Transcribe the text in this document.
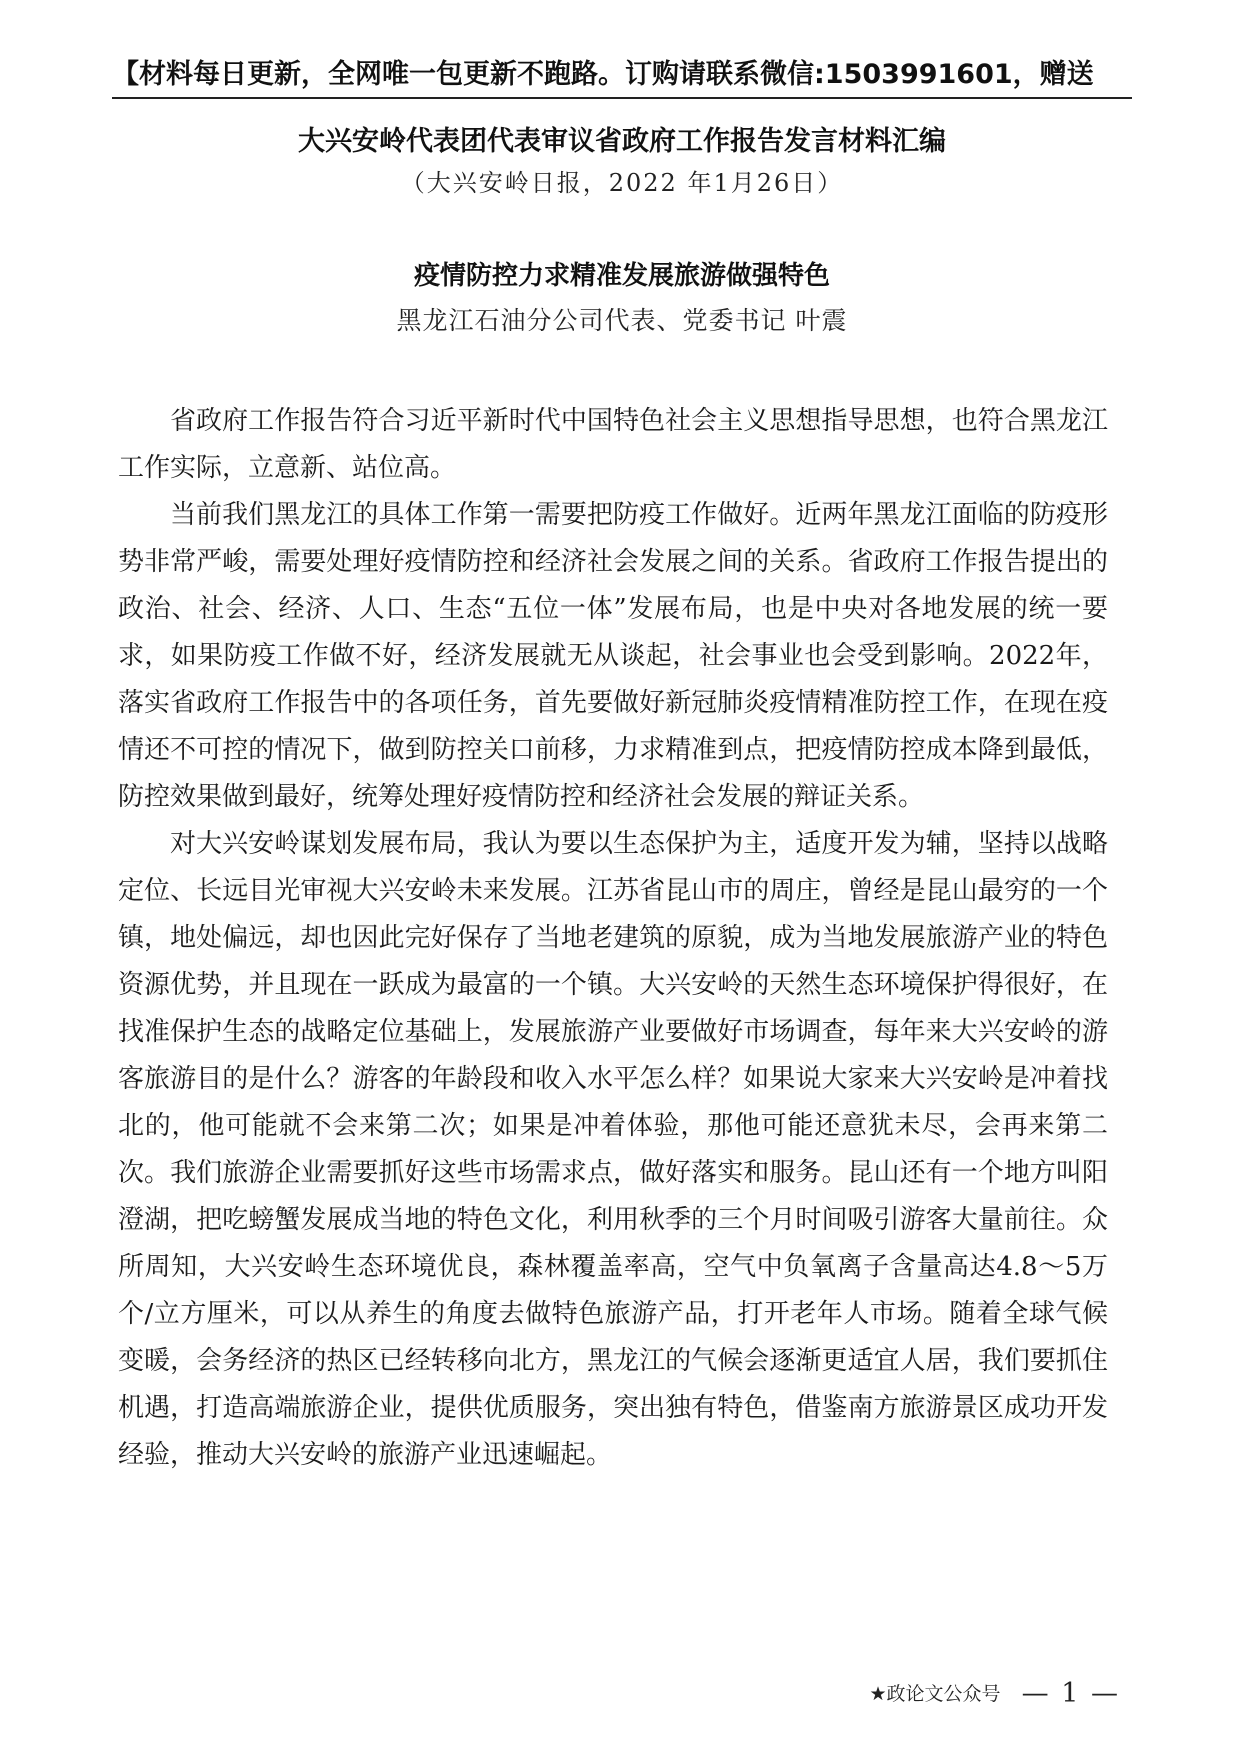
【材料每日更新，全网唯一包更新不跑路。订购请联系微信:1503991601，赠送
大兴安岭代表团代表审议省政府工作报告发言材料汇编
（大兴安岭日报，2022 年1月26日）
疫情防控力求精准发展旅游做强特色
黑龙江石油分公司代表、党委书记 叶震

省政府工作报告符合习近平新时代中国特色社会主义思想指导思想，也符合黑龙江工作实际，立意新、站位高。

当前我们黑龙江的具体工作第一需要把防疫工作做好。近两年黑龙江面临的防疫形势非常严峻，需要处理好疫情防控和经济社会发展之间的关系。省政府工作报告提出的政治、社会、经济、人口、生态“五位一体”发展布局，也是中央对各地发展的统一要求，如果防疫工作做不好，经济发展就无从谈起，社会事业也会受到影响。2022年，落实省政府工作报告中的各项任务，首先要做好新冠肺炎疫情精准防控工作，在现在疫情还不可控的情况下，做到防控关口前移，力求精准到点，把疫情防控成本降到最低，防控效果做到最好，统筹处理好疫情防控和经济社会发展的辩证关系。

对大兴安岭谋划发展布局，我认为要以生态保护为主，适度开发为辅，坚持以战略定位、长远目光审视大兴安岭未来发展。江苏省昆山市的周庄，曾经是昆山最穷的一个镇，地处偏远，却也因此完好保存了当地老建筑的原貌，成为当地发展旅游产业的特色资源优势，并且现在一跃成为最富的一个镇。大兴安岭的天然生态环境保护得很好，在找准保护生态的战略定位基础上，发展旅游产业要做好市场调查，每年来大兴安岭的游客旅游目的是什么？游客的年龄段和收入水平怎么样？如果说大家来大兴安岭是冲着找北的，他可能就不会来第二次；如果是冲着体验，那他可能还意犹未尽，会再来第二次。我们旅游企业需要抓好这些市场需求点，做好落实和服务。昆山还有一个地方叫阳澄湖，把吃螃蟹发展成当地的特色文化，利用秋季的三个月时间吸引游客大量前往。众所周知，大兴安岭生态环境优良，森林覆盖率高，空气中负氧离子含量高达4.8～5万个/立方厘米，可以从养生的角度去做特色旅游产品，打开老年人市场。随着全球气候变暖，会务经济的热区已经转移向北方，黑龙江的气候会逐渐更适宜人居，我们要抓住机遇，打造高端旅游企业，提供优质服务，突出独有特色，借鉴南方旅游景区成功开发经验，推动大兴安岭的旅游产业迅速崛起。

★政论文公众号 — 1 —
